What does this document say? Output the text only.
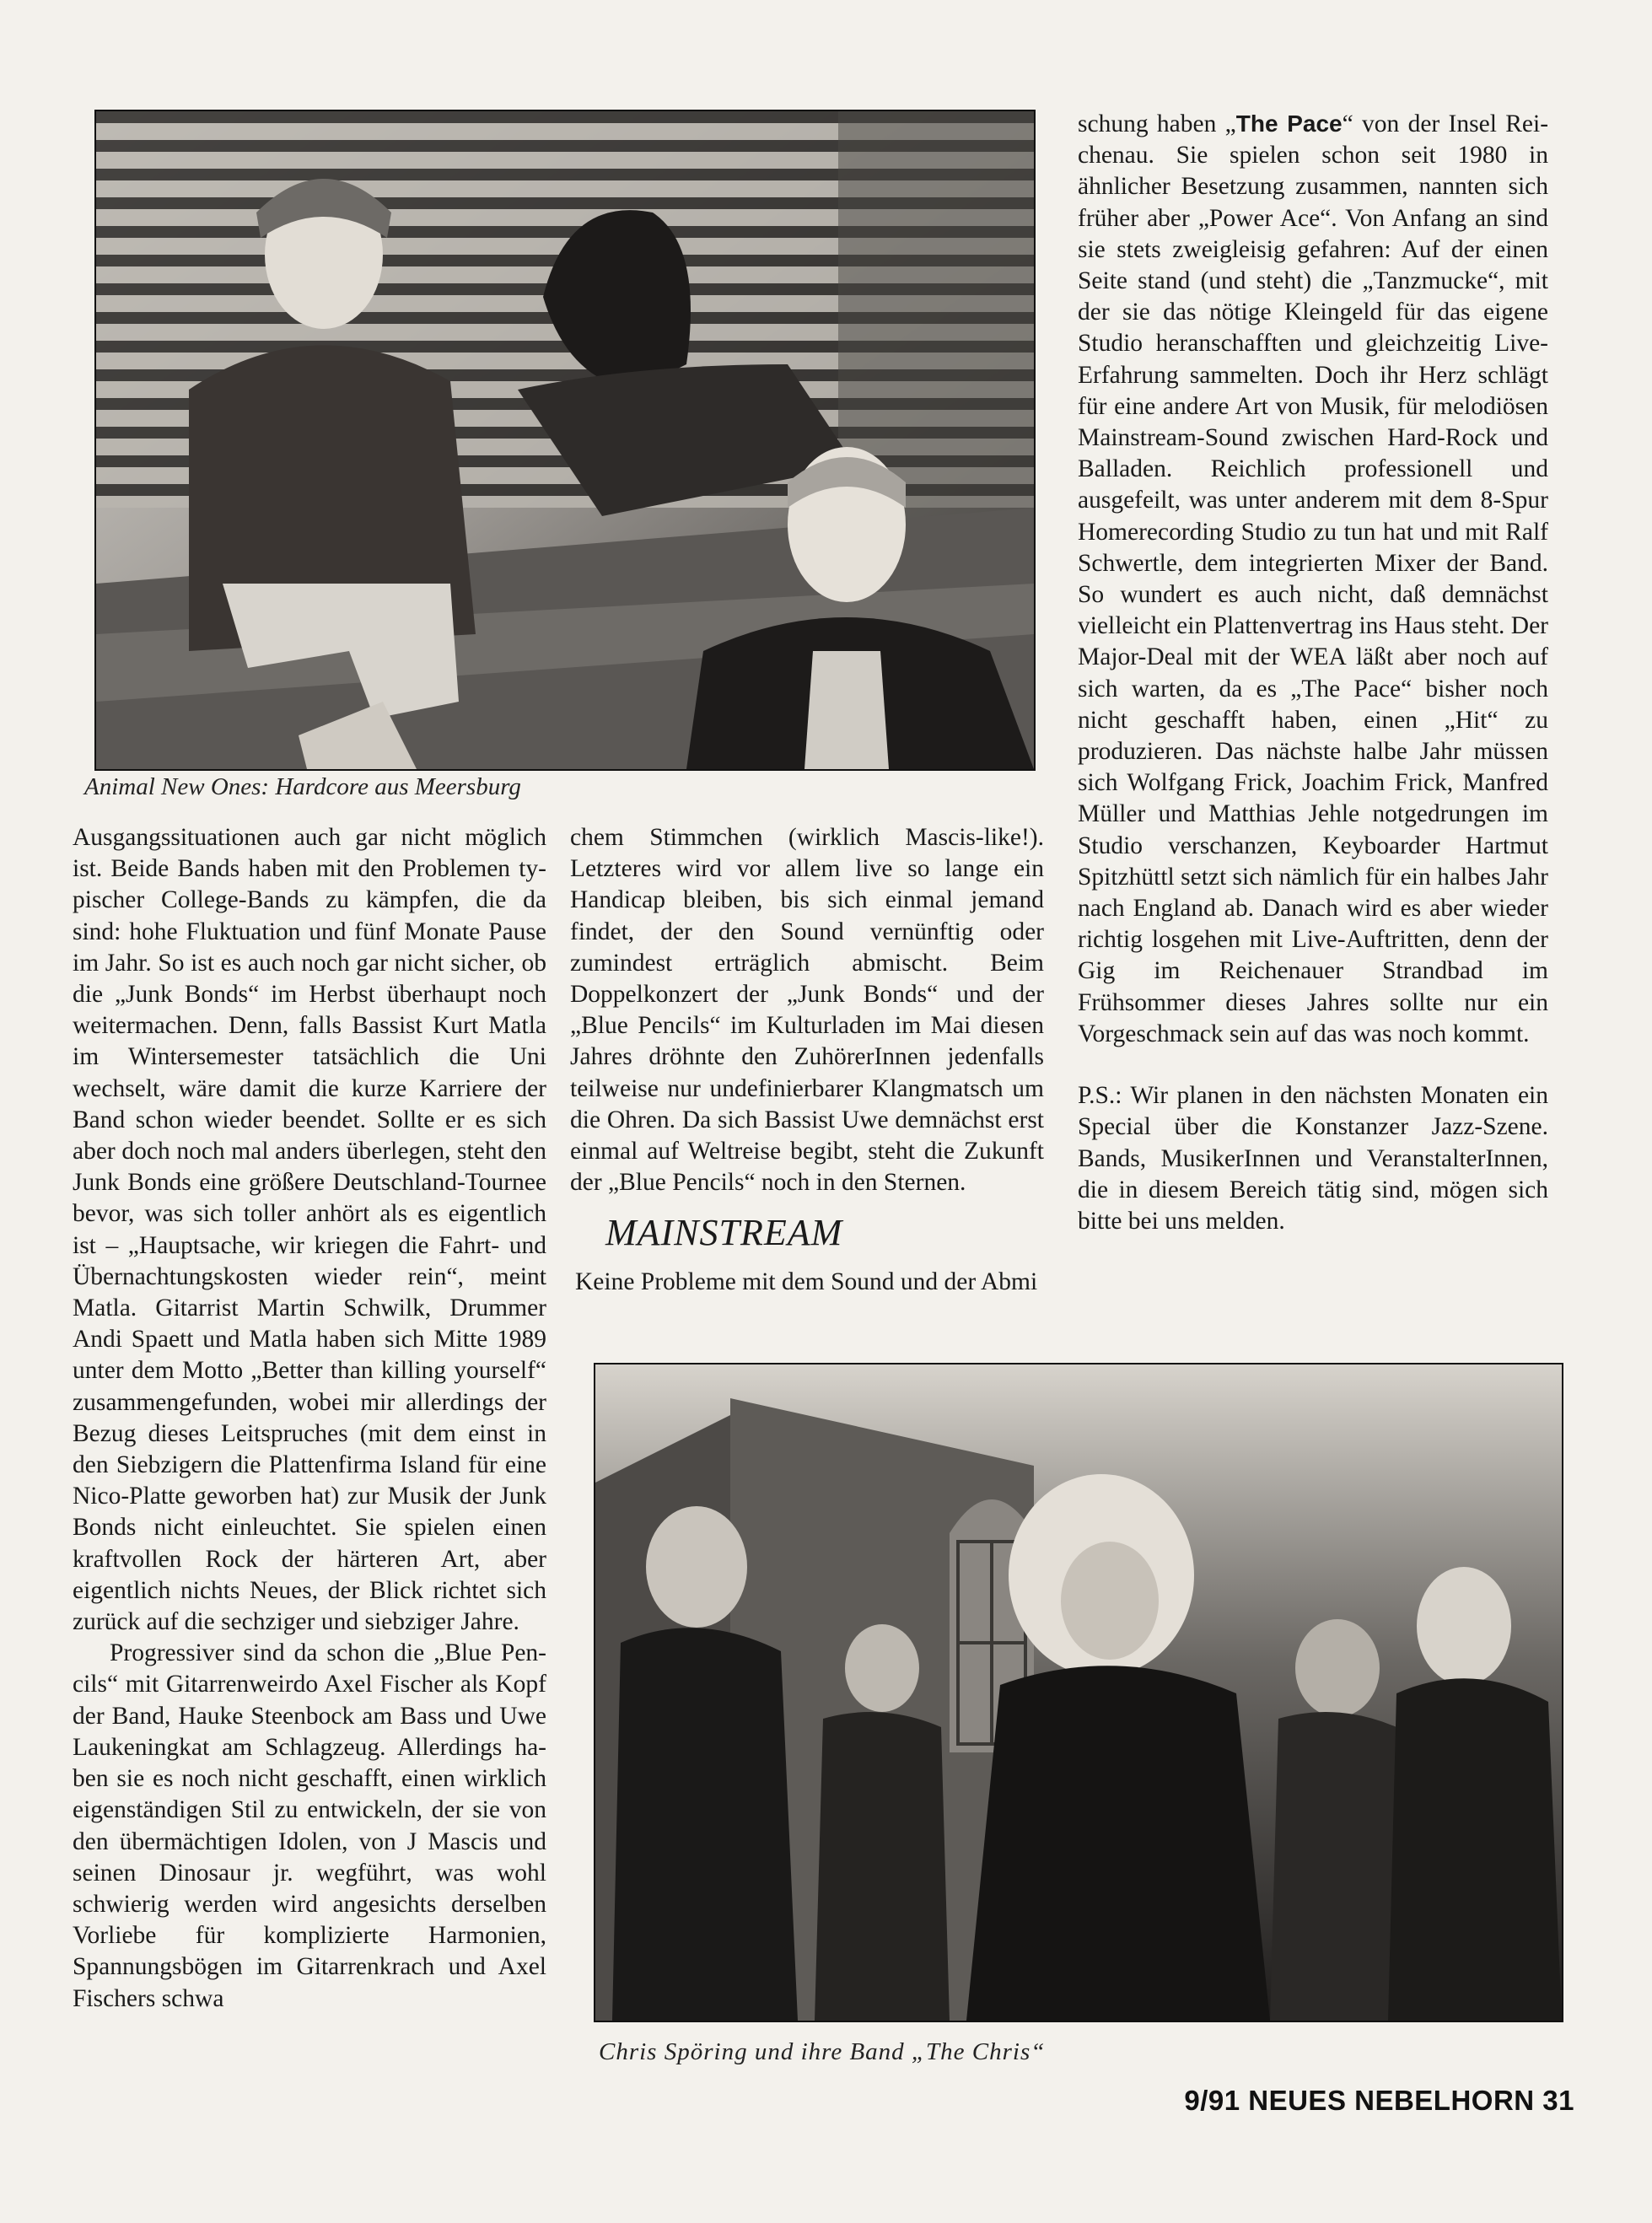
Animal New Ones: Hardcore aus Meersburg

Ausgangssituationen auch gar nicht möglich ist. Beide Bands haben mit den Problemen typischer College-Bands zu kämpfen, die da sind: hohe Fluktuation und fünf Monate Pause im Jahr. So ist es auch noch gar nicht sicher, ob die „Junk Bonds“ im Herbst überhaupt noch weitermachen. Denn, falls Bassist Kurt Matla im Wintersemester tatsächlich die Uni wechselt, wäre damit die kurze Karriere der Band schon wieder beendet. Sollte er es sich aber doch noch mal anders überlegen, steht den Junk Bonds eine größere Deutschland-Tournee bevor, was sich toller anhört als es eigentlich ist – „Hauptsache, wir kriegen die Fahrt- und Übernachtungskosten wieder rein“, meint Matla. Gitarrist Martin Schwilk, Drummer Andi Spaett und Matla haben sich Mitte 1989 unter dem Motto „Better than killing yourself“ zusammengefunden, wobei mir allerdings der Bezug dieses Leitspruches (mit dem einst in den Siebzigern die Plattenfirma Island für eine Nico-Platte geworben hat) zur Musik der Junk Bonds nicht einleuchtet. Sie spielen einen kraftvollen Rock der härteren Art, aber eigentlich nichts Neues, der Blick richtet sich zurück auf die sechziger und siebziger Jahre.

Progressiver sind da schon die „Blue Pencils“ mit Gitarrenweirdo Axel Fischer als Kopf der Band, Hauke Steenbock am Bass und Uwe Laukeningkat am Schlagzeug. Allerdings haben sie es noch nicht geschafft, einen wirklich eigenständigen Stil zu entwickeln, der sie von den übermächtigen Idolen, von J Mascis und seinen Dinosaur jr. wegführt, was wohl schwierig werden wird angesichts derselben Vorliebe für komplizierte Harmonien, Spannungsbögen im Gitarrenkrach und Axel Fischers schwa

chem Stimmchen (wirklich Mascis-like!). Letzteres wird vor allem live so lange ein Handicap bleiben, bis sich einmal jemand findet, der den Sound vernünftig oder zumindest erträglich abmischt. Beim Doppelkonzert der „Junk Bonds“ und der „Blue Pencils“ im Kulturladen im Mai diesen Jahres dröhnte den ZuhörerInnen jedenfalls teilweise nur undefinierbarer Klangmatsch um die Ohren. Da sich Bassist Uwe demnächst erst einmal auf Weltreise begibt, steht die Zukunft der „Blue Pencils“ noch in den Sternen.

MAINSTREAM

Keine Probleme mit dem Sound und der Abmi

schung haben „The Pace“ von der Insel Reichenau. Sie spielen schon seit 1980 in ähnlicher Besetzung zusammen, nannten sich früher aber „Power Ace“. Von Anfang an sind sie stets zweigleisig gefahren: Auf der einen Seite stand (und steht) die „Tanzmucke“, mit der sie das nötige Kleingeld für das eigene Studio heranschafften und gleichzeitig Live-Erfahrung sammelten. Doch ihr Herz schlägt für eine andere Art von Musik, für melodiösen Mainstream-Sound zwischen Hard-Rock und Balladen. Reichlich professionell und ausgefeilt, was unter anderem mit dem 8-Spur Homerecording Studio zu tun hat und mit Ralf Schwertle, dem integrierten Mixer der Band. So wundert es auch nicht, daß demnächst vielleicht ein Plattenvertrag ins Haus steht. Der Major-Deal mit der WEA läßt aber noch auf sich warten, da es „The Pace“ bisher noch nicht geschafft haben, einen „Hit“ zu produzieren. Das nächste halbe Jahr müssen sich Wolfgang Frick, Joachim Frick, Manfred Müller und Matthias Jehle notgedrungen im Studio verschanzen, Keyboarder Hartmut Spitzhüttl setzt sich nämlich für ein halbes Jahr nach England ab. Danach wird es aber wieder richtig losgehen mit Live-Auftritten, denn der Gig im Reichenauer Strandbad im Frühsommer dieses Jahres sollte nur ein Vorgeschmack sein auf das was noch kommt.

P.S.: Wir planen in den nächsten Monaten ein Special über die Konstanzer Jazz-Szene. Bands, MusikerInnen und VeranstalterInnen, die in diesem Bereich tätig sind, mögen sich bitte bei uns melden.

Chris Spöring und ihre Band „The Chris“

9/91 NEUES NEBELHORN 31
